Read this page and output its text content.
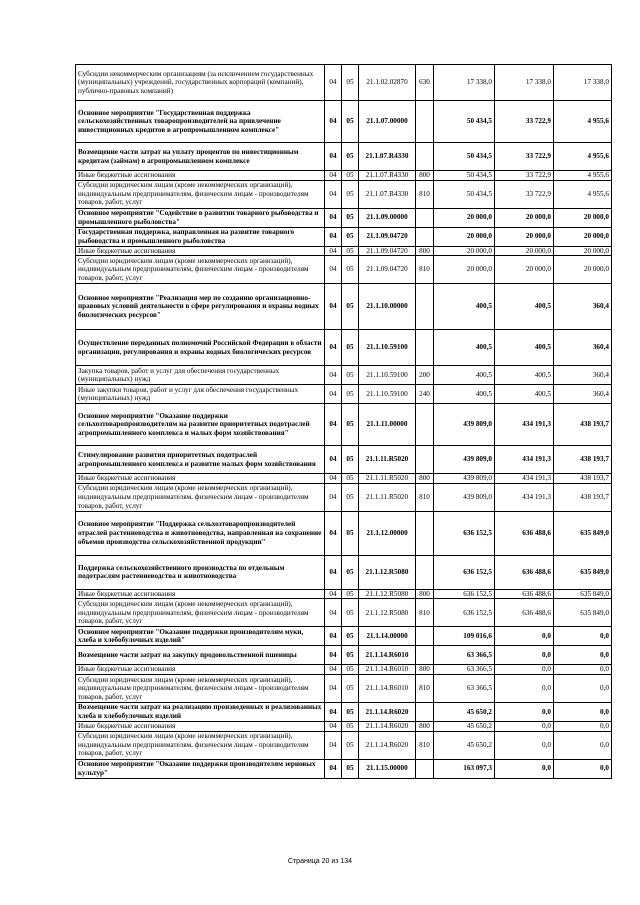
Субсидии некоммерческим организациям (за исключением государственных (муниципальных) учреждений, государственных корпораций (компаний), публично-правовых компаний)	04	05	21.1.02.02870	630	17 338,0	17 338,0	17 338,0
Основное мероприятие "Государственная поддержка сельскохозяйственных товаропроизводителей на привлечение инвестиционных кредитов в агропромышленном комплексе"	04	05	21.1.07.00000		50 434,5	33 722,9	4 955,6
Возмещение части затрат на уплату процентов по инвестиционным кредитам (займам) в агропромышленном комплексе	04	05	21.1.07.R4330		50 434,5	33 722,9	4 955,6
Иные бюджетные ассигнования	04	05	21.1.07.R4330	800	50 434,5	33 722,9	4 955,6
Субсидии юридическим лицам (кроме некоммерческих организаций), индивидуальным предпринимателям, физическим лицам - производителям товаров, работ, услуг	04	05	21.1.07.R4330	810	50 434,5	33 722,9	4 955,6
Основное мероприятие "Содействие в развитии товарного рыбоводства и промышленного рыболовства"	04	05	21.1.09.00000		20 000,0	20 000,0	20 000,0
Государственная поддержка, направленная на развитие товарного рыбоводства и промышленного рыболовства	04	05	21.1.09.04720		20 000,0	20 000,0	20 000,0
Иные бюджетные ассигнования	04	05	21.1.09.04720	800	20 000,0	20 000,0	20 000,0
Субсидии юридическим лицам (кроме некоммерческих организаций), индивидуальным предпринимателям, физическим лицам - производителям товаров, работ, услуг	04	05	21.1.09.04720	810	20 000,0	20 000,0	20 000,0
Основное мероприятие "Реализация мер по созданию организационно-правовых условий деятельности в сфере регулирования и охраны водных биологических ресурсов"	04	05	21.1.10.00000		400,5	400,5	360,4
Осуществление переданных полномочий Российской Федерации в области организации, регулирования и охраны водных биологических ресурсов	04	05	21.1.10.59100		400,5	400,5	360,4
Закупка товаров, работ и услуг для обеспечения государственных (муниципальных) нужд	04	05	21.1.10.59100	200	400,5	400,5	360,4
Иные закупки товаров, работ и услуг для обеспечения государственных (муниципальных) нужд	04	05	21.1.10.59100	240	400,5	400,5	360,4
Основное мероприятие "Оказание поддержки сельхозтоваропроизводителям на развитие приоритетных подотраслей агропромышленного комплекса и малых форм хозяйствования"	04	05	21.1.11.00000		439 809,0	434 191,3	438 193,7
Стимулирование развития приоритетных подотраслей агропромышленного комплекса и развитие малых форм хозяйствования	04	05	21.1.11.R5020		439 809,0	434 191,3	438 193,7
Иные бюджетные ассигнования	04	05	21.1.11.R5020	800	439 809,0	434 191,3	438 193,7
Субсидии юридическим лицам (кроме некоммерческих организаций), индивидуальным предпринимателям, физическим лицам - производителям товаров, работ, услуг	04	05	21.1.11.R5020	810	439 809,0	434 191,3	438 193,7
Основное мероприятие "Поддержка сельхозтоваропроизводителей отраслей растениеводства и животноводства, направленная на сохранение объемов производства сельскохозяйственной продукции"	04	05	21.1.12.00000		636 152,5	636 488,6	635 849,0
Поддержка сельскохозяйственного производства по отдельным подотраслям растениеводства и животноводства	04	05	21.1.12.R5080		636 152,5	636 488,6	635 849,0
Иные бюджетные ассигнования	04	05	21.1.12.R5080	800	636 152,5	636 488,6	635 849,0
Субсидии юридическим лицам (кроме некоммерческих организаций), индивидуальным предпринимателям, физическим лицам - производителям товаров, работ, услуг	04	05	21.1.12.R5080	810	636 152,5	636 488,6	635 849,0
Основное мероприятие "Оказание поддержки производителям муки, хлеба и хлебобулочных изделий"	04	05	21.1.14.00000		109 016,6	0,0	0,0
Возмещение части затрат на закупку продовольственной пшеницы	04	05	21.1.14.R6010		63 366,5	0,0	0,0
Иные бюджетные ассигнования	04	05	21.1.14.R6010	800	63 366,5	0,0	0,0
Субсидии юридическим лицам (кроме некоммерческих организаций), индивидуальным предпринимателям, физическим лицам - производителям товаров, работ, услуг	04	05	21.1.14.R6010	810	63 366,5	0,0	0,0
Возмещение части затрат на реализацию произведенных и реализованных хлеба и хлебобулочных изделий	04	05	21.1.14.R6020		45 650,2	0,0	0,0
Иные бюджетные ассигнования	04	05	21.1.14.R6020	800	45 650,2	0,0	0,0
Субсидии юридическим лицам (кроме некоммерческих организаций), индивидуальным предпринимателям, физическим лицам - производителям товаров, работ, услуг	04	05	21.1.14.R6020	810	45 650,2	0,0	0,0
Основное мероприятие "Оказание поддержки производителям зерновых культур"	04	05	21.1.15.00000		163 097,3	0,0	0,0
Страница 20 из 134
